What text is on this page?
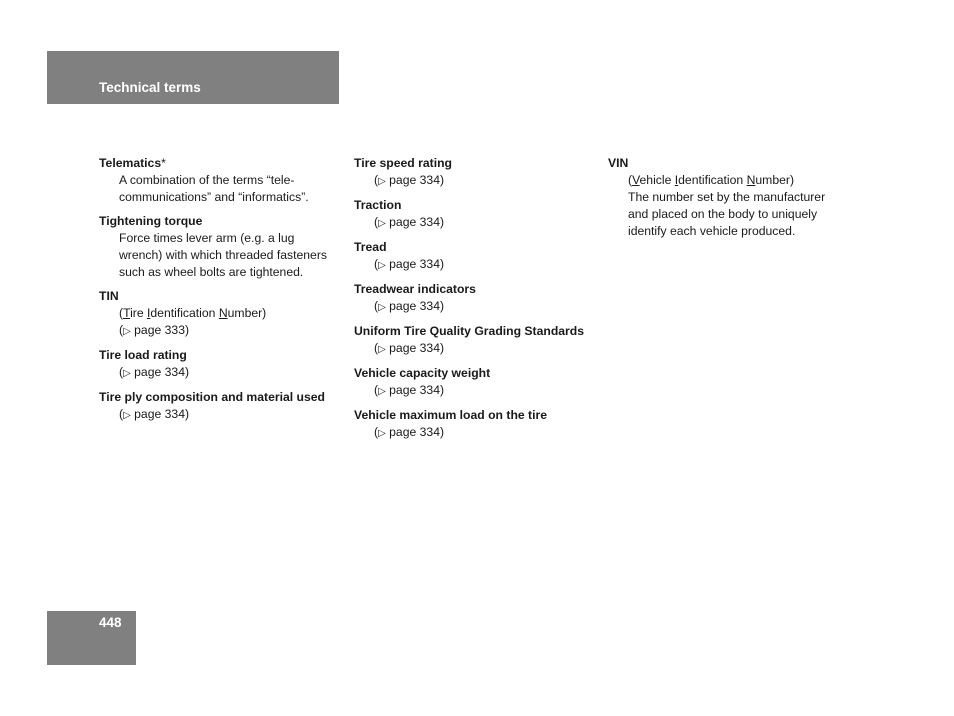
Technical terms
Telematics*
A combination of the terms “tele-
communications” and “informatics”.
Tightening torque
Force times lever arm (e.g. a lug
wrench) with which threaded fasteners
such as wheel bolts are tightened.
TIN
(Tire Identification Number)
(▷ page 333)
Tire load rating
(▷ page 334)
Tire ply composition and material used
(▷ page 334)
Tire speed rating
(▷ page 334)
Traction
(▷ page 334)
Tread
(▷ page 334)
Treadwear indicators
(▷ page 334)
Uniform Tire Quality Grading Standards
(▷ page 334)
Vehicle capacity weight
(▷ page 334)
Vehicle maximum load on the tire
(▷ page 334)
VIN
(Vehicle Identification Number)
The number set by the manufacturer
and placed on the body to uniquely
identify each vehicle produced.
448
